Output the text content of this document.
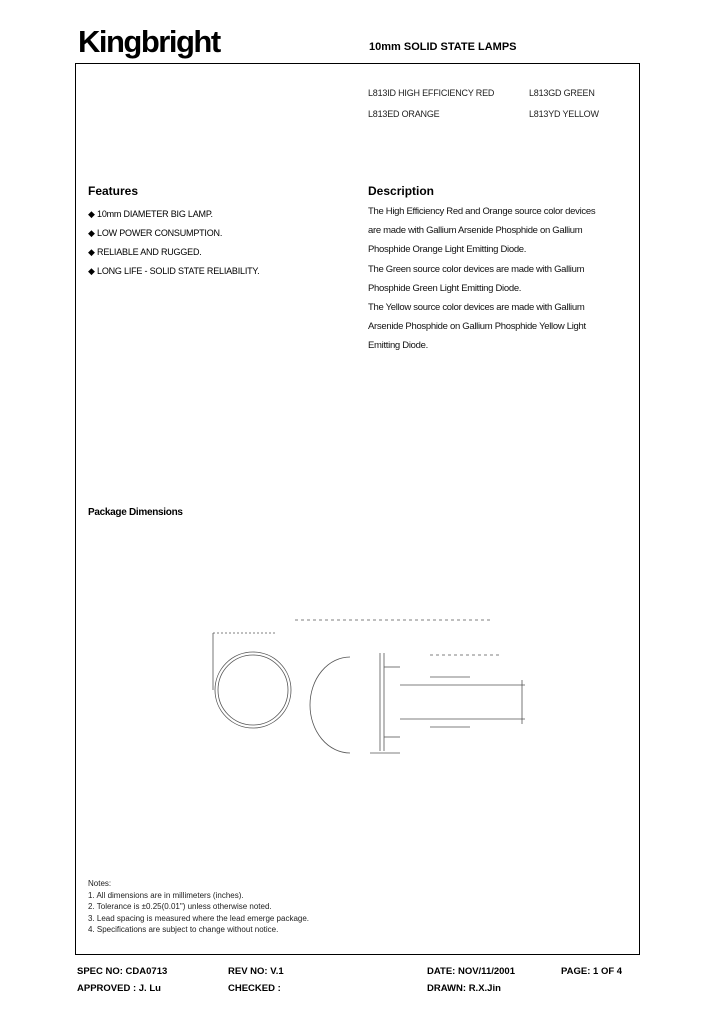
Kingbright	10mm SOLID STATE LAMPS
L813ID HIGH EFFICIENCY RED	L813GD GREEN
L813ED ORANGE	L813YD YELLOW
Features
◆ 10mm DIAMETER BIG LAMP.
◆ LOW POWER CONSUMPTION.
◆ RELIABLE AND RUGGED.
◆ LONG LIFE - SOLID STATE RELIABILITY.
Description
The High Efficiency Red and Orange source color devices
are made with Gallium Arsenide Phosphide on Gallium
Phosphide Orange Light Emitting Diode.
The Green source color devices are made with Gallium
Phosphide Green Light Emitting Diode.
The Yellow source color devices are made with Gallium
Arsenide Phosphide on Gallium Phosphide Yellow Light
Emitting Diode.
Package Dimensions
Notes:
1. All dimensions are in millimeters (inches).
2. Tolerance is ±0.25(0.01") unless otherwise noted.
3. Lead spacing is measured where the lead emerge package.
4. Specifications are subject to change without notice.
SPEC NO: CDA0713	REV NO: V.1	DATE: NOV/11/2001	PAGE: 1 OF 4
APPROVED : J. Lu	CHECKED :	DRAWN: R.X.Jin
